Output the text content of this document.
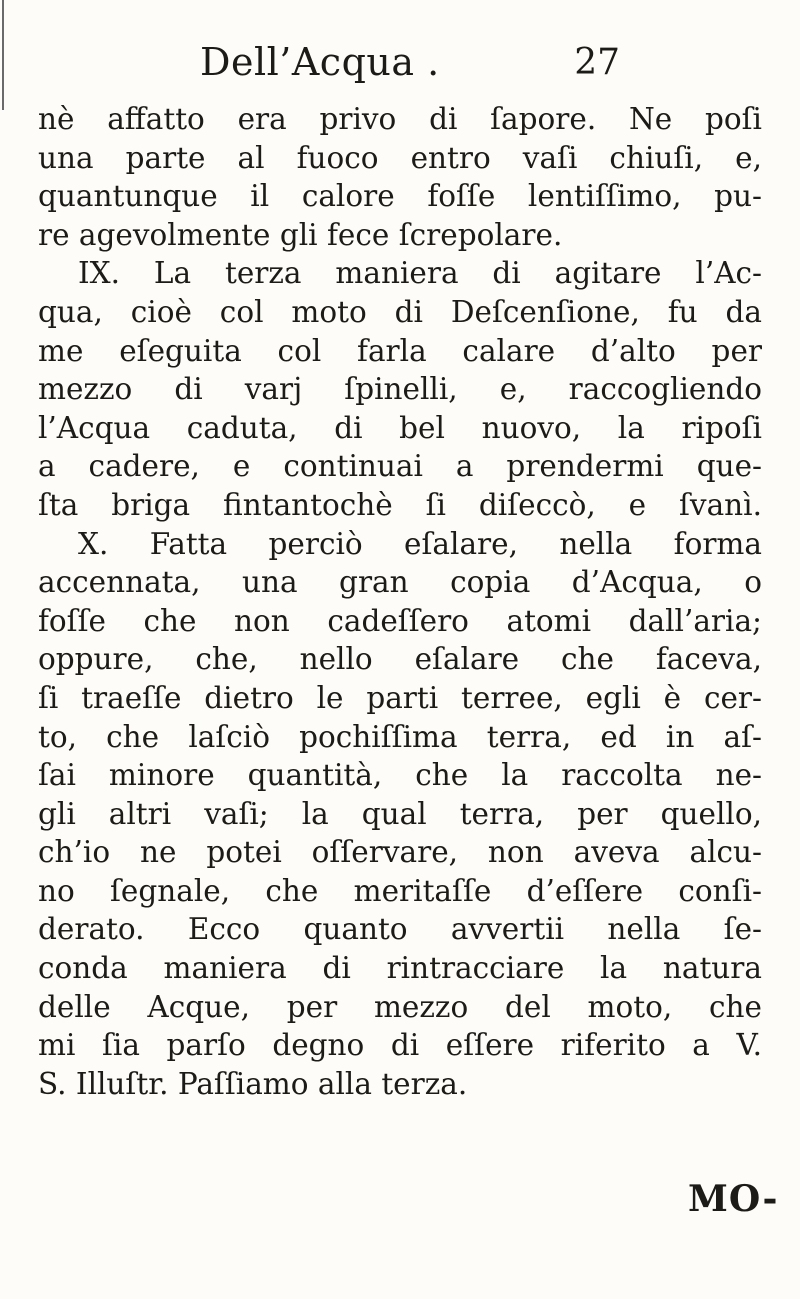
Dell’Acqua .	27
nè affatto era privo di ſapore. Ne poſi
una parte al fuoco entro vaſi chiuſi, e,
quantunque il calore foſſe lentiſſimo, pu-
re agevolmente gli fece ſcrepolare.
IX. La terza maniera di agitare l’Ac-
qua, cioè col moto di Deſcenſione, fu da
me eſeguita col farla calare d’alto per
mezzo di varj ſpinelli, e, raccogliendo
l’Acqua caduta, di bel nuovo, la ripoſi
a cadere, e continuai a prendermi que-
ſta briga fintantochè ſi diſeccò, e ſvanì.
X. Fatta perciò eſalare, nella forma
accennata, una gran copia d’Acqua, o
foſſe che non cadeſſero atomi dall’aria;
oppure, che, nello eſalare che faceva,
ſi traeſſe dietro le parti terree, egli è cer-
to, che laſciò pochiſſima terra, ed in aſ-
ſai minore quantità, che la raccolta ne-
gli altri vaſi; la qual terra, per quello,
ch’io ne potei oſſervare, non aveva alcu-
no ſegnale, che meritaſſe d’eſſere conſi-
derato. Ecco quanto avvertii nella ſe-
conda maniera di rintracciare la natura
delle Acque, per mezzo del moto, che
mi ſia parſo degno di eſſere riferito a V.
S. Illuſtr. Paſſiamo alla terza.
MO-
